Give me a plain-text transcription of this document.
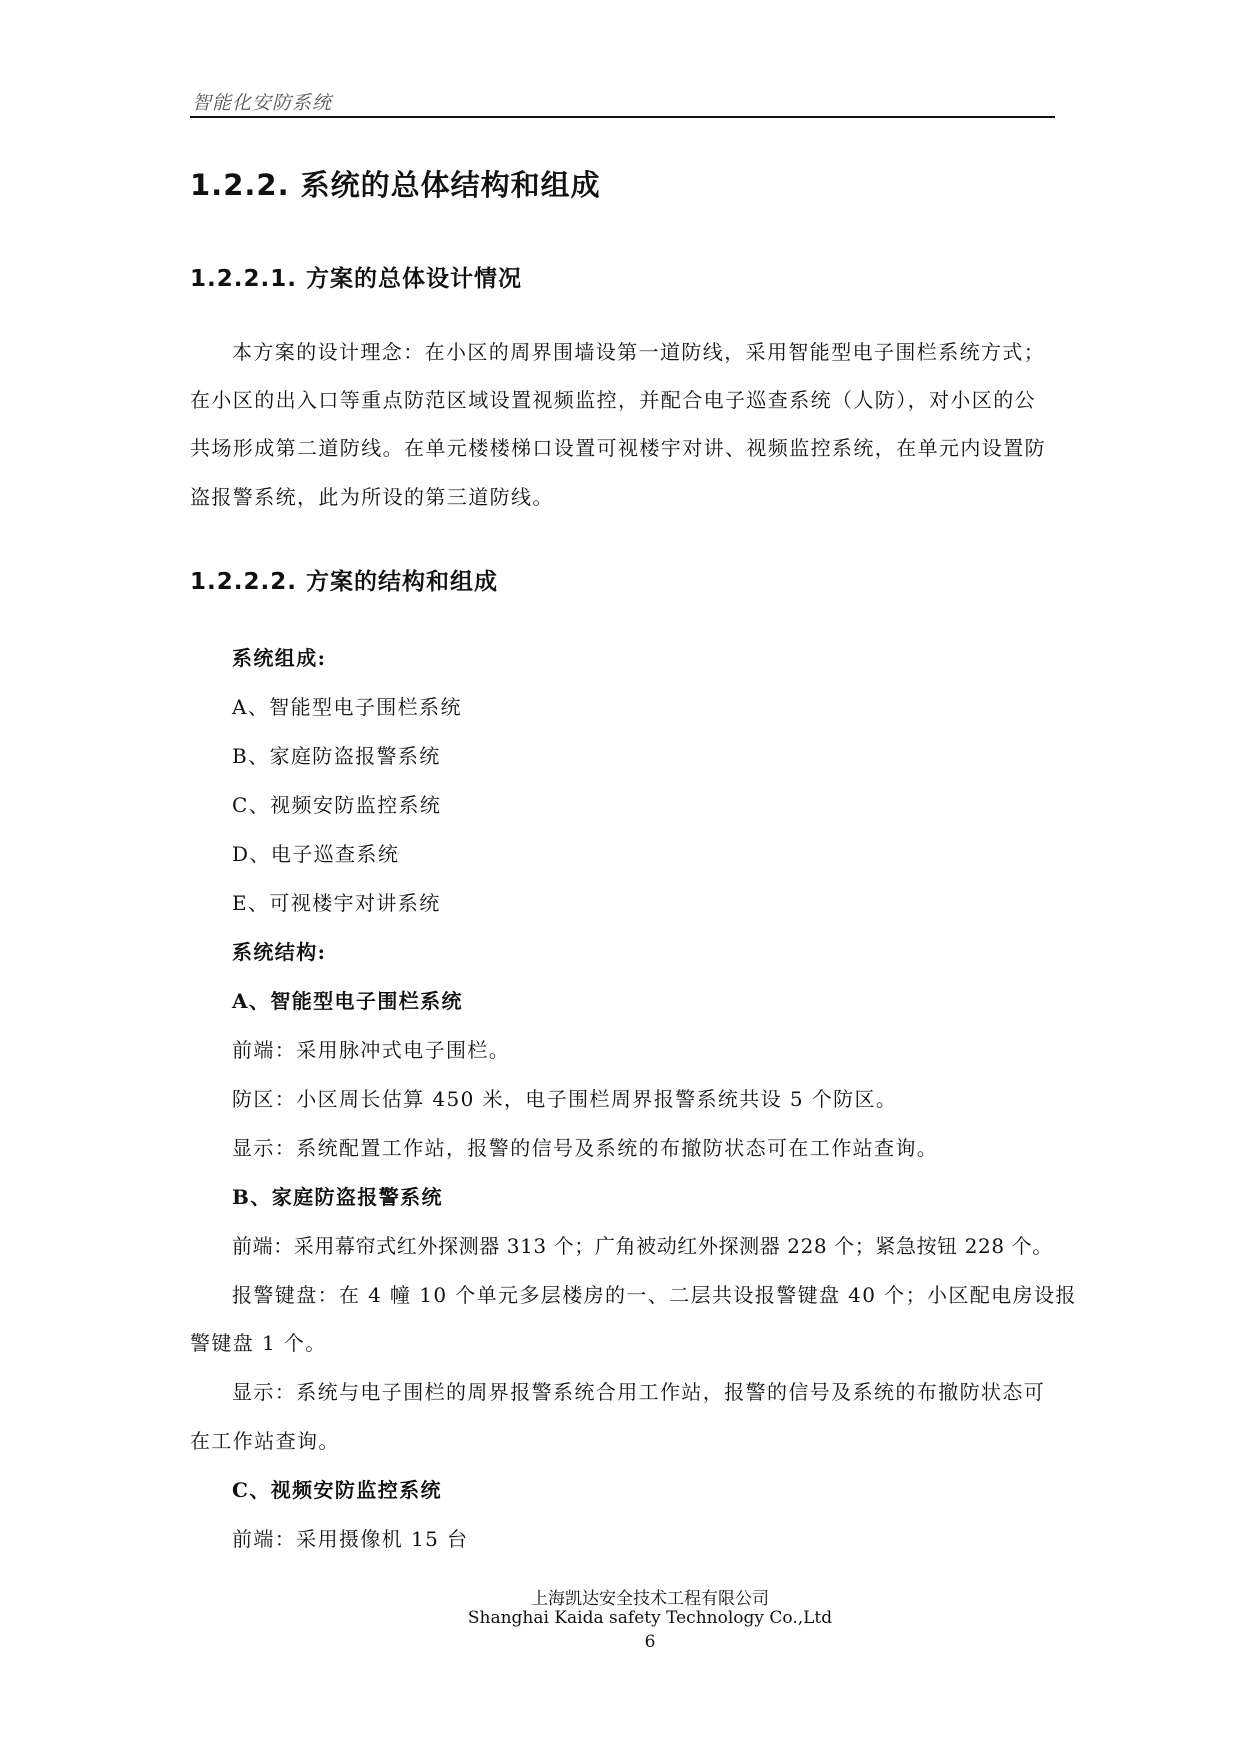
智能化安防系统
1.2.2. 系统的总体结构和组成
1.2.2.1. 方案的总体设计情况
本方案的设计理念：在小区的周界围墙设第一道防线，采用智能型电子围栏系统方式；
在小区的出入口等重点防范区域设置视频监控，并配合电子巡查系统（人防），对小区的公
共场形成第二道防线。在单元楼楼梯口设置可视楼宇对讲、视频监控系统，在单元内设置防
盗报警系统，此为所设的第三道防线。
1.2.2.2. 方案的结构和组成
系统组成:
A、智能型电子围栏系统
B、家庭防盗报警系统
C、视频安防监控系统
D、电子巡查系统
E、可视楼宇对讲系统
系统结构:
A、智能型电子围栏系统
前端：采用脉冲式电子围栏。
防区：小区周长估算 450 米，电子围栏周界报警系统共设 5 个防区。
显示：系统配置工作站，报警的信号及系统的布撤防状态可在工作站查询。
B、家庭防盗报警系统
前端：采用幕帘式红外探测器 313 个；广角被动红外探测器 228 个；紧急按钮 228 个。
报警键盘：在 4 幢 10 个单元多层楼房的一、二层共设报警键盘 40 个；小区配电房设报
警键盘 1 个。
显示：系统与电子围栏的周界报警系统合用工作站，报警的信号及系统的布撤防状态可
在工作站查询。
C、视频安防监控系统
前端：采用摄像机 15 台
上海凯达安全技术工程有限公司
Shanghai Kaida safety Technology Co.,Ltd
6
